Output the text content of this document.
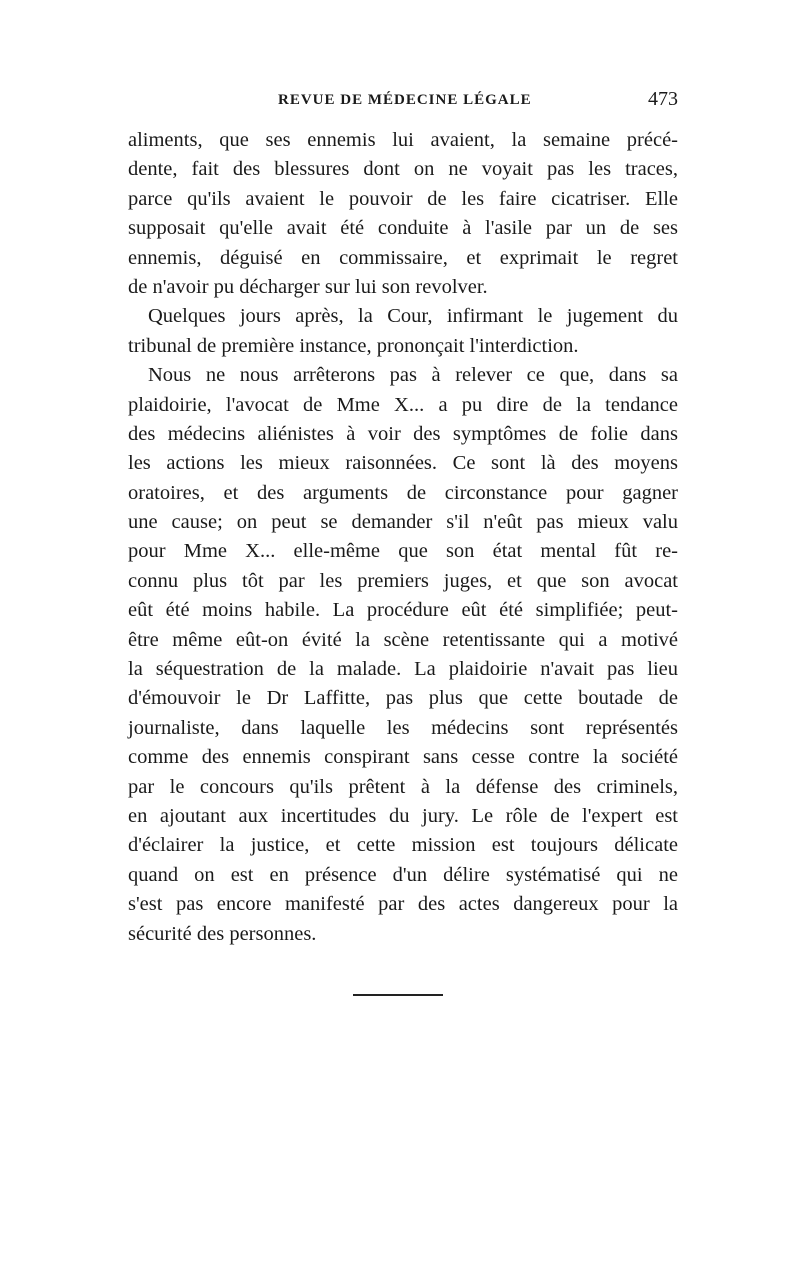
REVUE DE MÉDECINE LÉGALE	473
aliments, que ses ennemis lui avaient, la semaine précé-
dente, fait des blessures dont on ne voyait pas les traces,
parce qu'ils avaient le pouvoir de les faire cicatriser. Elle
supposait qu'elle avait été conduite à l'asile par un de ses
ennemis, déguisé en commissaire, et exprimait le regret
de n'avoir pu décharger sur lui son revolver.
Quelques jours après, la Cour, infirmant le jugement du
tribunal de première instance, prononçait l'interdiction.
Nous ne nous arrêterons pas à relever ce que, dans sa
plaidoirie, l'avocat de Mme X... a pu dire de la tendance
des médecins aliénistes à voir des symptômes de folie dans
les actions les mieux raisonnées. Ce sont là des moyens
oratoires, et des arguments de circonstance pour gagner
une cause; on peut se demander s'il n'eût pas mieux valu
pour Mme X... elle-même que son état mental fût re-
connu plus tôt par les premiers juges, et que son avocat
eût été moins habile. La procédure eût été simplifiée; peut-
être même eût-on évité la scène retentissante qui a motivé
la séquestration de la malade. La plaidoirie n'avait pas lieu
d'émouvoir le Dr Laffitte, pas plus que cette boutade de
journaliste, dans laquelle les médecins sont représentés
comme des ennemis conspirant sans cesse contre la société
par le concours qu'ils prêtent à la défense des criminels,
en ajoutant aux incertitudes du jury. Le rôle de l'expert est
d'éclairer la justice, et cette mission est toujours délicate
quand on est en présence d'un délire systématisé qui ne
s'est pas encore manifesté par des actes dangereux pour la
sécurité des personnes.
